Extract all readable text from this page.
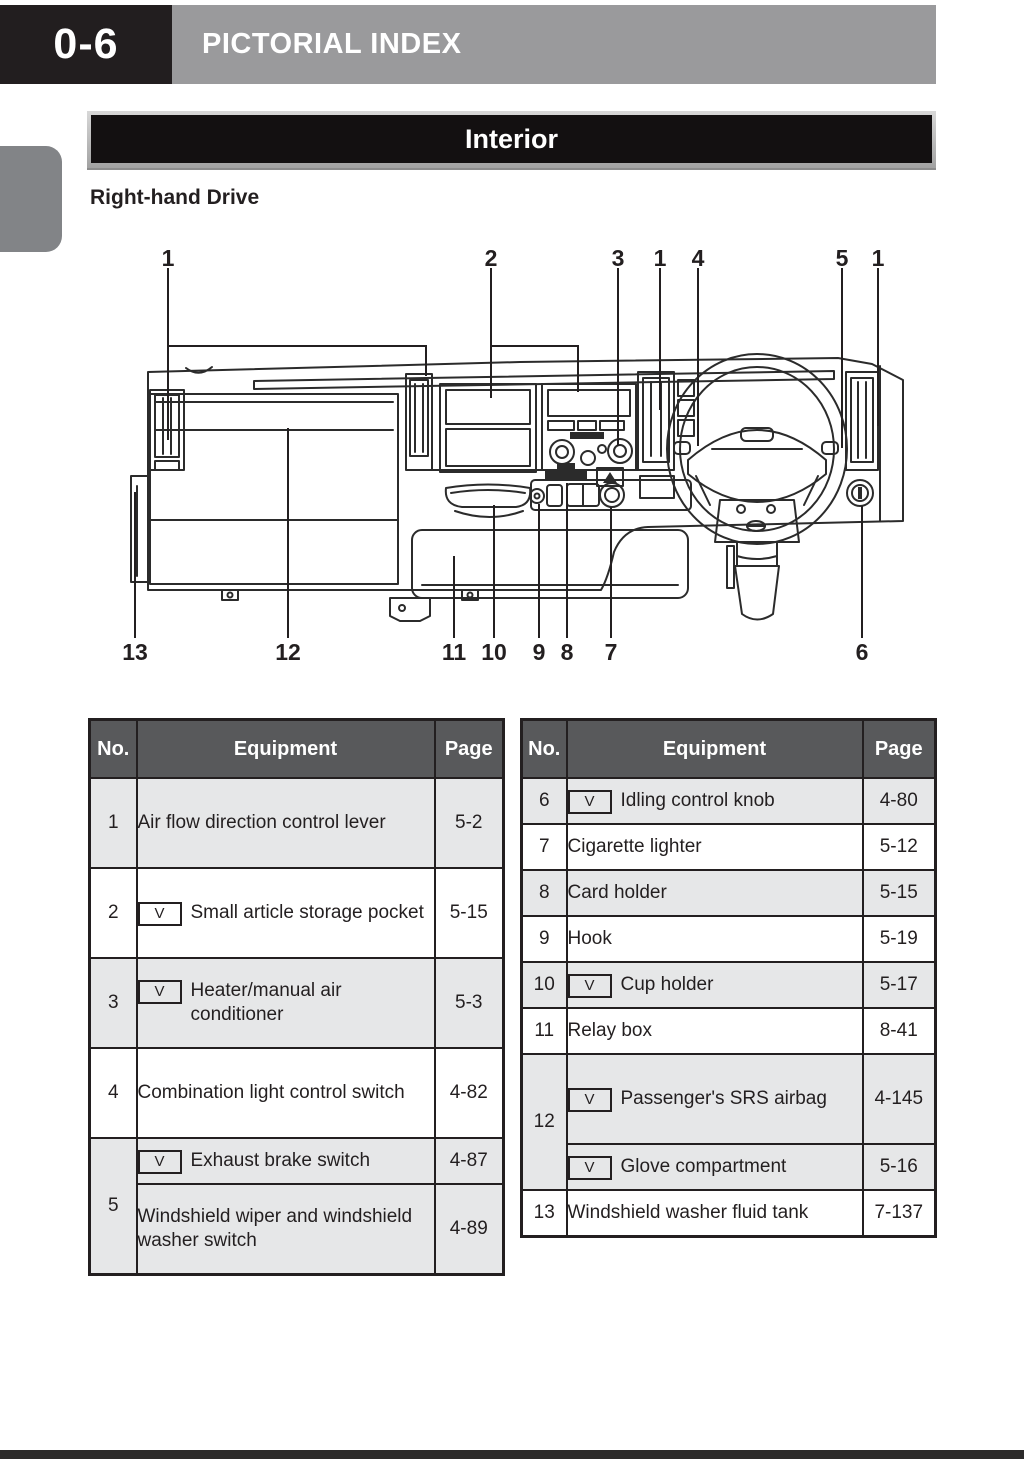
0-6	PICTORIAL INDEX
Interior
Right-hand Drive
1	2	3 1 4	5 1
13	12	11 10 9 8 7	6
No.	Equipment	Page
1	Air flow direction control lever	5-2
2	V Small article storage pocket	5-15
3	V Heater/manual air conditioner	5-3
4	Combination light control switch	4-82
5	V Exhaust brake switch	4-87

	Windshield wiper and windshield washer switch	4-89
No.	Equipment	Page
6	V Idling control knob	4-80
7	Cigarette lighter	5-12
8	Card holder	5-15
9	Hook	5-19
10	V Cup holder	5-17
11	Relay box	8-41
12	V Passenger's SRS airbag	4-145

	V Glove compartment	5-16
13	Windshield washer fluid tank	7-137
